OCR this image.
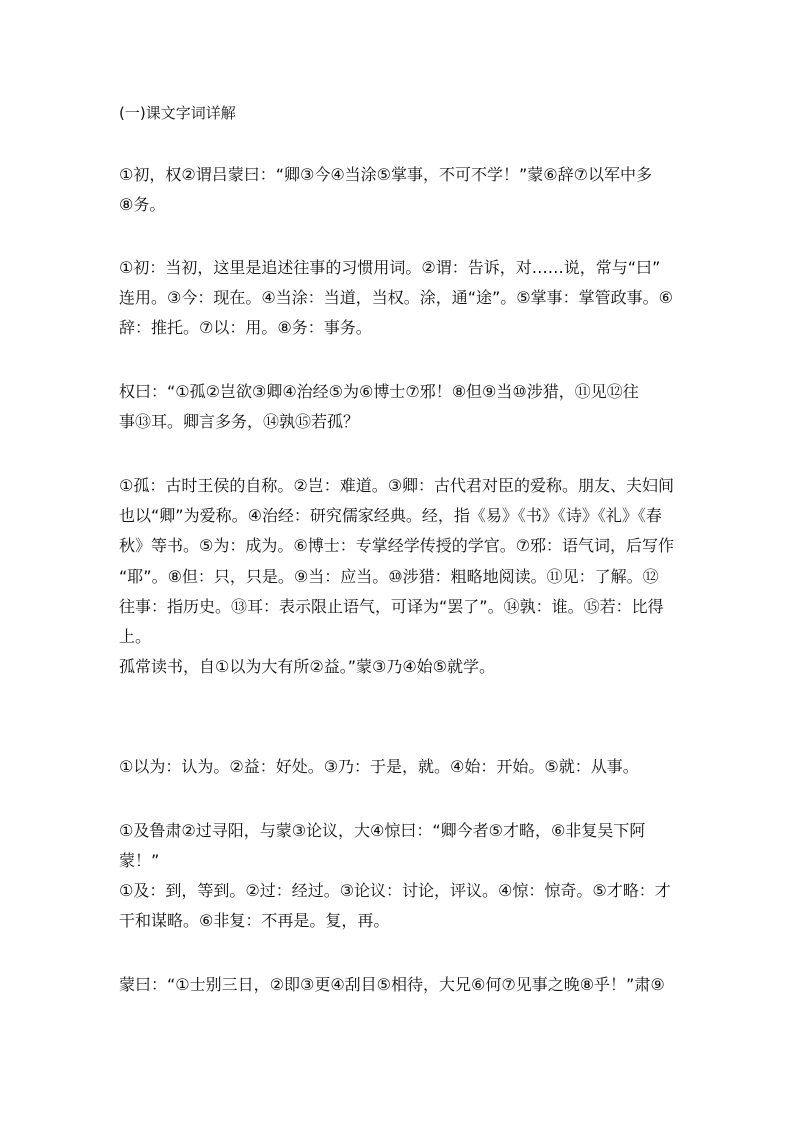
(一)课文字词详解
①初，权②谓吕蒙曰：“卿③今④当涂⑤掌事，不可不学！”蒙⑥辞⑦以军中多
⑧务。
①初：当初，这里是追述往事的习惯用词。②谓：告诉，对……说，常与“曰”
连用。③今：现在。④当涂：当道，当权。涂，通“途”。⑤掌事：掌管政事。⑥
辞：推托。⑦以：用。⑧务：事务。
权曰：“①孤②岂欲③卿④治经⑤为⑥博士⑦邪！⑧但⑨当⑩涉猎，⑪见⑫往
事⑬耳。卿言多务，⑭孰⑮若孤？
①孤：古时王侯的自称。②岂：难道。③卿：古代君对臣的爱称。朋友、夫妇间
也以“卿”为爱称。④治经：研究儒家经典。经，指《易》《书》《诗》《礼》《春
秋》等书。⑤为：成为。⑥博士：专掌经学传授的学官。⑦邪：语气词，后写作
“耶”。⑧但：只，只是。⑨当：应当。⑩涉猎：粗略地阅读。⑪见：了解。⑫
往事：指历史。⑬耳：表示限止语气，可译为“罢了”。⑭孰：谁。⑮若：比得
上。
孤常读书，自①以为大有所②益。”蒙③乃④始⑤就学。
①以为：认为。②益：好处。③乃：于是，就。④始：开始。⑤就：从事。
①及鲁肃②过寻阳，与蒙③论议，大④惊曰：“卿今者⑤才略，⑥非复吴下阿
蒙！”
①及：到，等到。②过：经过。③论议：讨论，评议。④惊：惊奇。⑤才略：才
干和谋略。⑥非复：不再是。复，再。
蒙曰：“①士别三日，②即③更④刮目⑤相待，大兄⑥何⑦见事之晚⑧乎！”肃⑨
